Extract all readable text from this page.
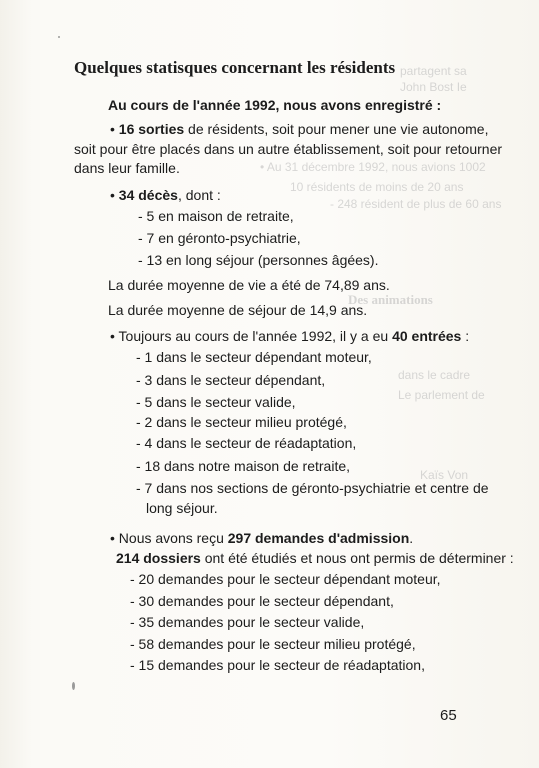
partagent sa
John Bost Ie
• Au 31 décembre 1992, nous avions 1002
10 résidents de moins de 20 ans
- 248 résident de plus de 60 ans
Des animations
dans le cadre
Le parlement de
Kaïs Von
Quelques statisques concernant les résidents
Au cours de l'année 1992, nous avons enregistré :
• 16 sorties de résidents, soit pour mener une vie autonome,
soit pour être placés dans un autre établissement, soit pour retourner
dans leur famille.
• 34 décès, dont :
- 5 en maison de retraite,
- 7 en géronto-psychiatrie,
- 13 en long séjour (personnes âgées).
La durée moyenne de vie a été de 74,89 ans.
La durée moyenne de séjour de 14,9 ans.
• Toujours au cours de l'année 1992, il y a eu 40 entrées :
- 1 dans le secteur dépendant moteur,
- 3 dans le secteur dépendant,
- 5 dans le secteur valide,
- 2 dans le secteur milieu protégé,
- 4 dans le secteur de réadaptation,
- 18 dans notre maison de retraite,
- 7 dans nos sections de géronto-psychiatrie et centre de
long séjour.
• Nous avons reçu 297 demandes d'admission.
214 dossiers ont été étudiés et nous ont permis de déterminer :
- 20 demandes pour le secteur dépendant moteur,
- 30 demandes pour le secteur dépendant,
- 35 demandes pour le secteur valide,
- 58 demandes pour le secteur milieu protégé,
- 15 demandes pour le secteur de réadaptation,
65
